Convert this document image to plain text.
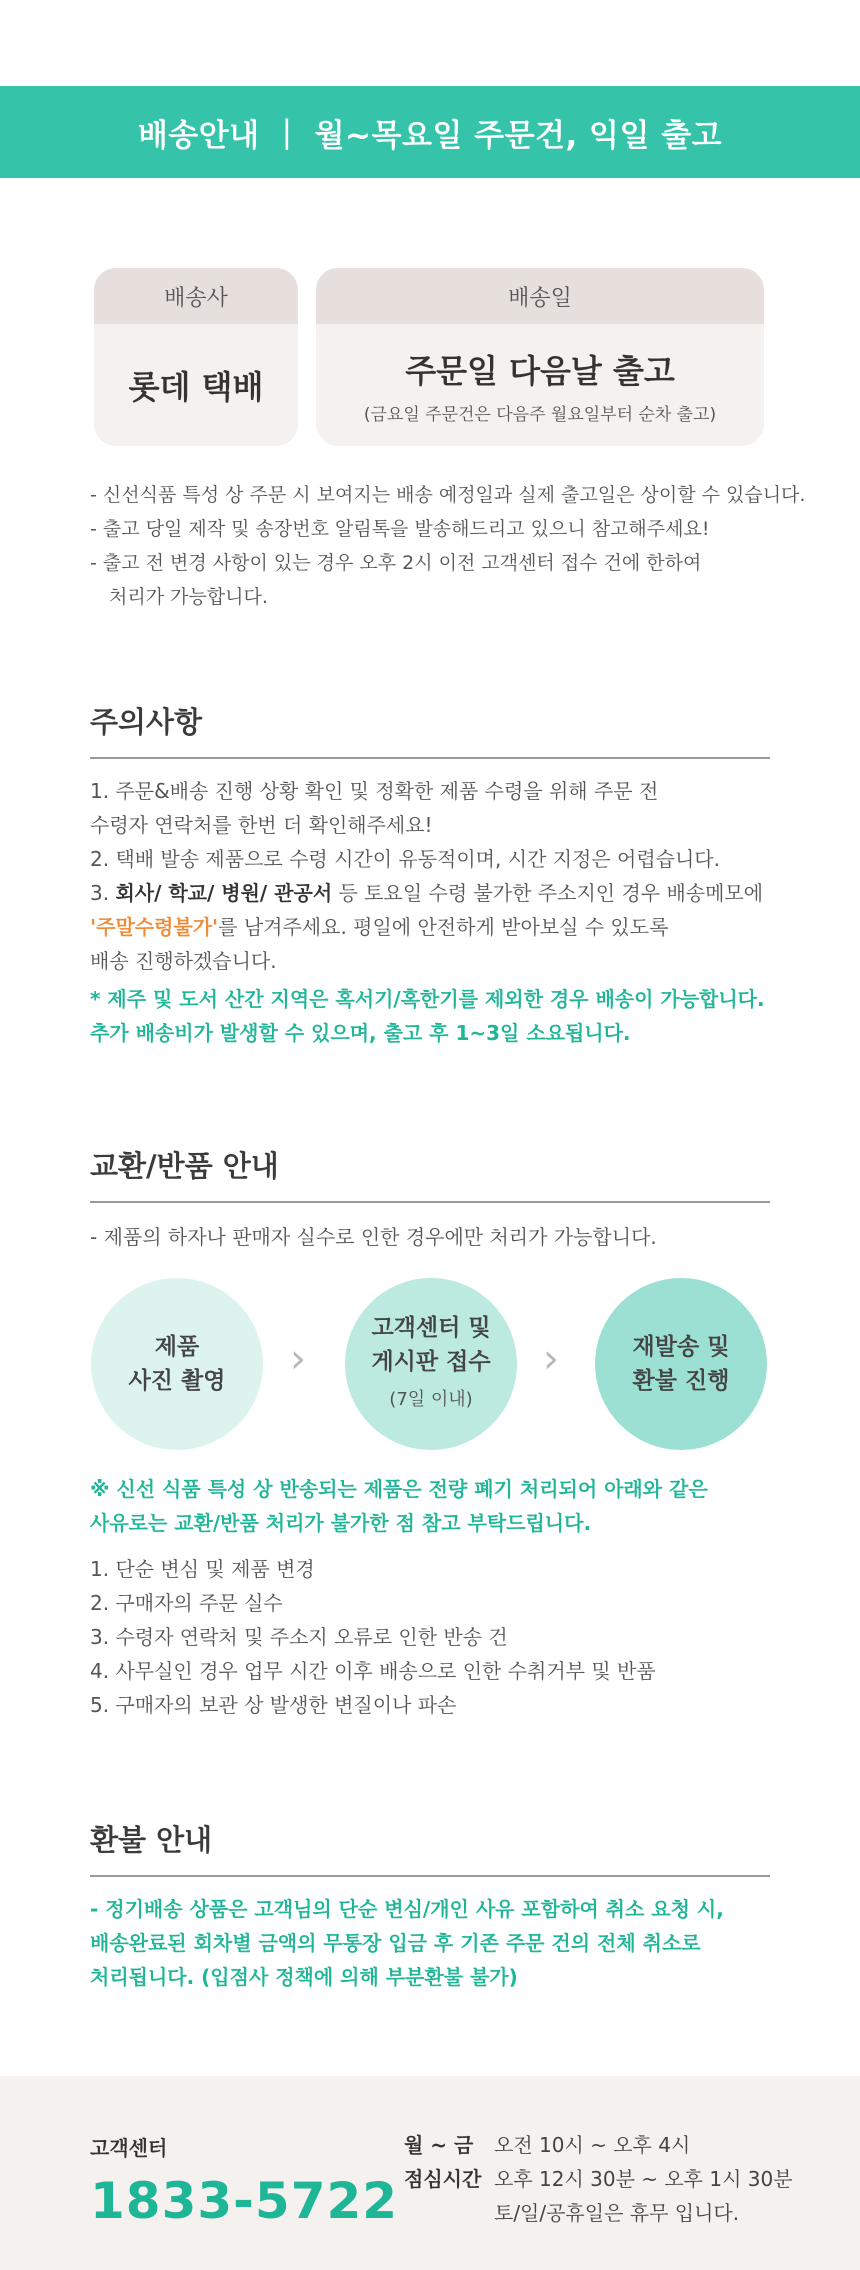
배송안내 | 월~목요일 주문건, 익일 출고
배송사
롯데 택배
배송일
주문일 다음날 출고
(금요일 주문건은 다음주 월요일부터 순차 출고)
- 신선식품 특성 상 주문 시 보여지는 배송 예정일과 실제 출고일은 상이할 수 있습니다.
- 출고 당일 제작 및 송장번호 알림톡을 발송해드리고 있으니 참고해주세요!
- 출고 전 변경 사항이 있는 경우 오후 2시 이전 고객센터 접수 건에 한하여
처리가 가능합니다.
주의사항
1. 주문&배송 진행 상황 확인 및 정확한 제품 수령을 위해 주문 전
수령자 연락처를 한번 더 확인해주세요!
2. 택배 발송 제품으로 수령 시간이 유동적이며, 시간 지정은 어렵습니다.
3. 회사/ 학교/ 병원/ 관공서 등 토요일 수령 불가한 주소지인 경우 배송메모에
'주말수령불가'를 남겨주세요. 평일에 안전하게 받아보실 수 있도록
배송 진행하겠습니다.
* 제주 및 도서 산간 지역은 혹서기/혹한기를 제외한 경우 배송이 가능합니다.
추가 배송비가 발생할 수 있으며, 출고 후 1~3일 소요됩니다.
교환/반품 안내
- 제품의 하자나 판매자 실수로 인한 경우에만 처리가 가능합니다.
제품
사진 촬영 ›
고객센터 및
게시판 접수
(7일 이내)
›	재발송 및
환불 진행
※ 신선 식품 특성 상 반송되는 제품은 전량 폐기 처리되어 아래와 같은
사유로는 교환/반품 처리가 불가한 점 참고 부탁드립니다.
1. 단순 변심 및 제품 변경
2. 구매자의 주문 실수
3. 수령자 연락처 및 주소지 오류로 인한 반송 건
4. 사무실인 경우 업무 시간 이후 배송으로 인한 수취거부 및 반품
5. 구매자의 보관 상 발생한 변질이나 파손
환불 안내
- 정기배송 상품은 고객님의 단순 변심/개인 사유 포함하여 취소 요청 시,
배송완료된 회차별 금액의 무통장 입금 후 기존 주문 건의 전체 취소로
처리됩니다. (입점사 정책에 의해 부분환불 불가)
고객센터
1833-5722
월 ~ 금	오전 10시 ~ 오후 4시
점심시간 오후 12시 30분 ~ 오후 1시 30분
토/일/공휴일은 휴무 입니다.
